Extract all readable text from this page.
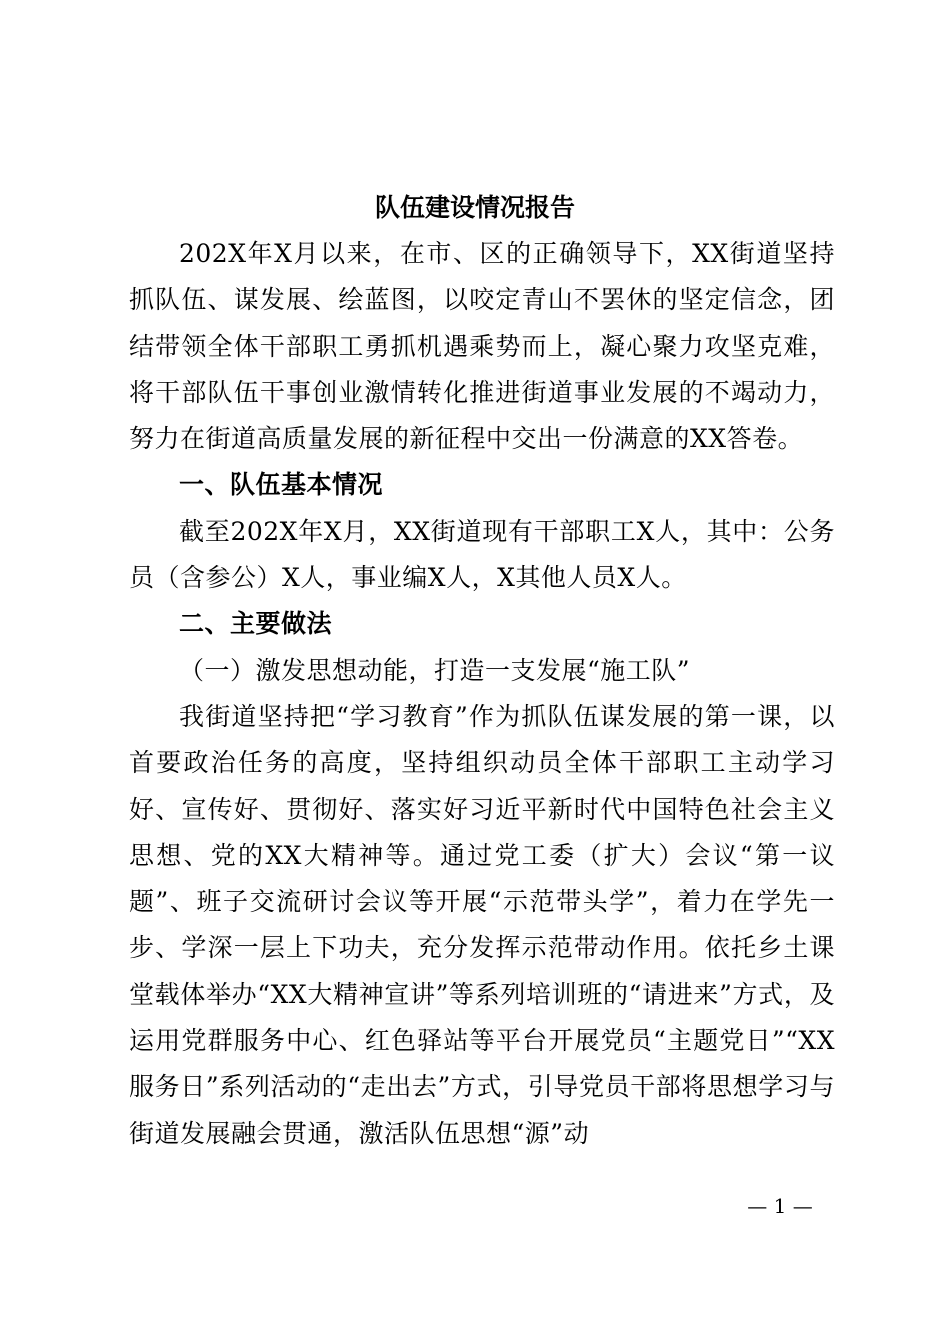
队伍建设情况报告

202X年X月以来，在市、区的正确领导下，XX街道坚持抓队伍、谋发展、绘蓝图，以咬定青山不罢休的坚定信念，团结带领全体干部职工勇抓机遇乘势而上，凝心聚力攻坚克难，将干部队伍干事创业激情转化推进街道事业发展的不竭动力，努力在街道高质量发展的新征程中交出一份满意的XX答卷。

一、队伍基本情况

截至202X年X月，XX街道现有干部职工X人，其中：公务员（含参公）X人，事业编X人，X其他人员X人。

二、主要做法

（一）激发思想动能，打造一支发展“施工队”

我街道坚持把“学习教育”作为抓队伍谋发展的第一课，以首要政治任务的高度，坚持组织动员全体干部职工主动学习好、宣传好、贯彻好、落实好习近平新时代中国特色社会主义思想、党的XX大精神等。通过党工委（扩大）会议“第一议题”、班子交流研讨会议等开展“示范带头学”，着力在学先一步、学深一层上下功夫，充分发挥示范带动作用。依托乡土课堂载体举办“XX大精神宣讲”等系列培训班的“请进来”方式，及运用党群服务中心、红色驿站等平台开展党员“主题党日”“XX服务日”系列活动的“走出去”方式，引导党员干部将思想学习与街道发展融会贯通，激活队伍思想“源”动

— 1 —
